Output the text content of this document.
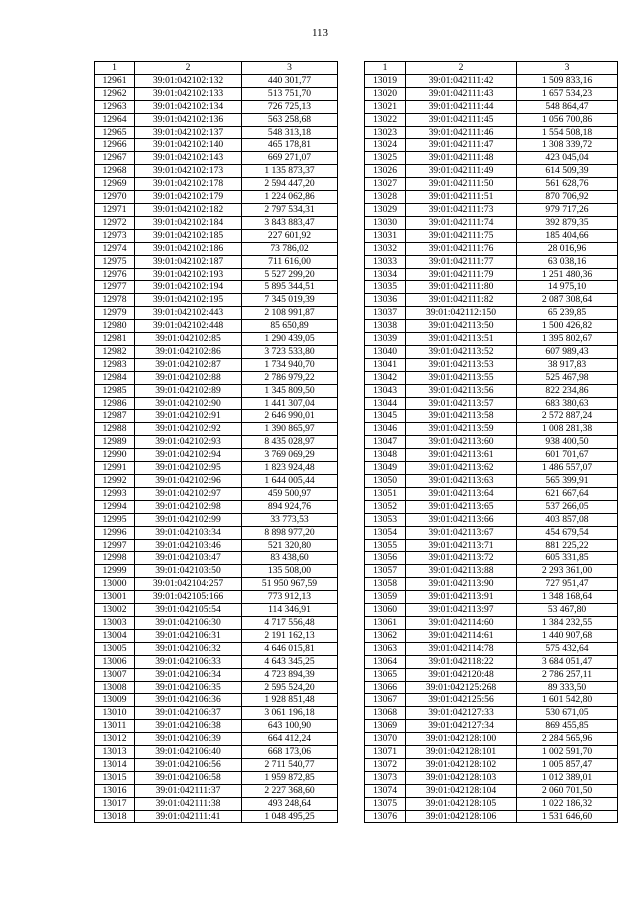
113
1	2	3
12961	39:01:042102:132	440 301,77
12962	39:01:042102:133	513 751,70
12963	39:01:042102:134	726 725,13
12964	39:01:042102:136	563 258,68
12965	39:01:042102:137	548 313,18
12966	39:01:042102:140	465 178,81
12967	39:01:042102:143	669 271,07
12968	39:01:042102:173	1 135 873,37
12969	39:01:042102:178	2 594 447,20
12970	39:01:042102:179	1 224 062,86
12971	39:01:042102:182	2 797 534,31
12972	39:01:042102:184	3 843 883,47
12973	39:01:042102:185	227 601,92
12974	39:01:042102:186	73 786,02
12975	39:01:042102:187	711 616,00
12976	39:01:042102:193	5 527 299,20
12977	39:01:042102:194	5 895 344,51
12978	39:01:042102:195	7 345 019,39
12979	39:01:042102:443	2 108 991,87
12980	39:01:042102:448	85 650,89
12981	39:01:042102:85	1 290 439,05
12982	39:01:042102:86	3 723 533,80
12983	39:01:042102:87	1 734 940,70
12984	39:01:042102:88	2 786 979,22
12985	39:01:042102:89	1 345 809,50
12986	39:01:042102:90	1 441 307,04
12987	39:01:042102:91	2 646 990,01
12988	39:01:042102:92	1 390 865,97
12989	39:01:042102:93	8 435 028,97
12990	39:01:042102:94	3 769 069,29
12991	39:01:042102:95	1 823 924,48
12992	39:01:042102:96	1 644 005,44
12993	39:01:042102:97	459 500,97
12994	39:01:042102:98	894 924,76
12995	39:01:042102:99	33 773,53
12996	39:01:042103:34	8 898 977,20
12997	39:01:042103:46	521 320,80
12998	39:01:042103:47	83 438,60
12999	39:01:042103:50	135 508,00
13000	39:01:042104:257	51 950 967,59
13001	39:01:042105:166	773 912,13
13002	39:01:042105:54	114 346,91
13003	39:01:042106:30	4 717 556,48
13004	39:01:042106:31	2 191 162,13
13005	39:01:042106:32	4 646 015,81
13006	39:01:042106:33	4 643 345,25
13007	39:01:042106:34	4 723 894,39
13008	39:01:042106:35	2 595 524,20
13009	39:01:042106:36	1 928 851,48
13010	39:01:042106:37	3 061 196,18
13011	39:01:042106:38	643 100,90
13012	39:01:042106:39	664 412,24
13013	39:01:042106:40	668 173,06
13014	39:01:042106:56	2 711 540,77
13015	39:01:042106:58	1 959 872,85
13016	39:01:042111:37	2 227 368,60
13017	39:01:042111:38	493 248,64
13018	39:01:042111:41	1 048 495,25
1	2	3
13019	39:01:042111:42	1 509 833,16
13020	39:01:042111:43	1 657 534,23
13021	39:01:042111:44	548 864,47
13022	39:01:042111:45	1 056 700,86
13023	39:01:042111:46	1 554 508,18
13024	39:01:042111:47	1 308 339,72
13025	39:01:042111:48	423 045,04
13026	39:01:042111:49	614 509,39
13027	39:01:042111:50	561 628,76
13028	39:01:042111:51	870 706,92
13029	39:01:042111:73	979 717,26
13030	39:01:042111:74	392 879,35
13031	39:01:042111:75	185 404,66
13032	39:01:042111:76	28 016,96
13033	39:01:042111:77	63 038,16
13034	39:01:042111:79	1 251 480,36
13035	39:01:042111:80	14 975,10
13036	39:01:042111:82	2 087 308,64
13037	39:01:042112:150	65 239,85
13038	39:01:042113:50	1 500 426,82
13039	39:01:042113:51	1 395 802,67
13040	39:01:042113:52	607 989,43
13041	39:01:042113:53	38 917,83
13042	39:01:042113:55	525 467,98
13043	39:01:042113:56	822 234,86
13044	39:01:042113:57	683 380,63
13045	39:01:042113:58	2 572 887,24
13046	39:01:042113:59	1 008 281,38
13047	39:01:042113:60	938 400,50
13048	39:01:042113:61	601 701,67
13049	39:01:042113:62	1 486 557,07
13050	39:01:042113:63	565 399,91
13051	39:01:042113:64	621 667,64
13052	39:01:042113:65	537 266,05
13053	39:01:042113:66	403 857,08
13054	39:01:042113:67	454 679,54
13055	39:01:042113:71	881 225,22
13056	39:01:042113:72	605 331,85
13057	39:01:042113:88	2 293 361,00
13058	39:01:042113:90	727 951,47
13059	39:01:042113:91	1 348 168,64
13060	39:01:042113:97	53 467,80
13061	39:01:042114:60	1 384 232,55
13062	39:01:042114:61	1 440 907,68
13063	39:01:042114:78	575 432,64
13064	39:01:042118:22	3 684 051,47
13065	39:01:042120:48	2 786 257,11
13066	39:01:042125:268	89 333,50
13067	39:01:042125:56	1 601 542,80
13068	39:01:042127:33	530 671,05
13069	39:01:042127:34	869 455,85
13070	39:01:042128:100	2 284 565,96
13071	39:01:042128:101	1 002 591,70
13072	39:01:042128:102	1 005 857,47
13073	39:01:042128:103	1 012 389,01
13074	39:01:042128:104	2 060 701,50
13075	39:01:042128:105	1 022 186,32
13076	39:01:042128:106	1 531 646,60
